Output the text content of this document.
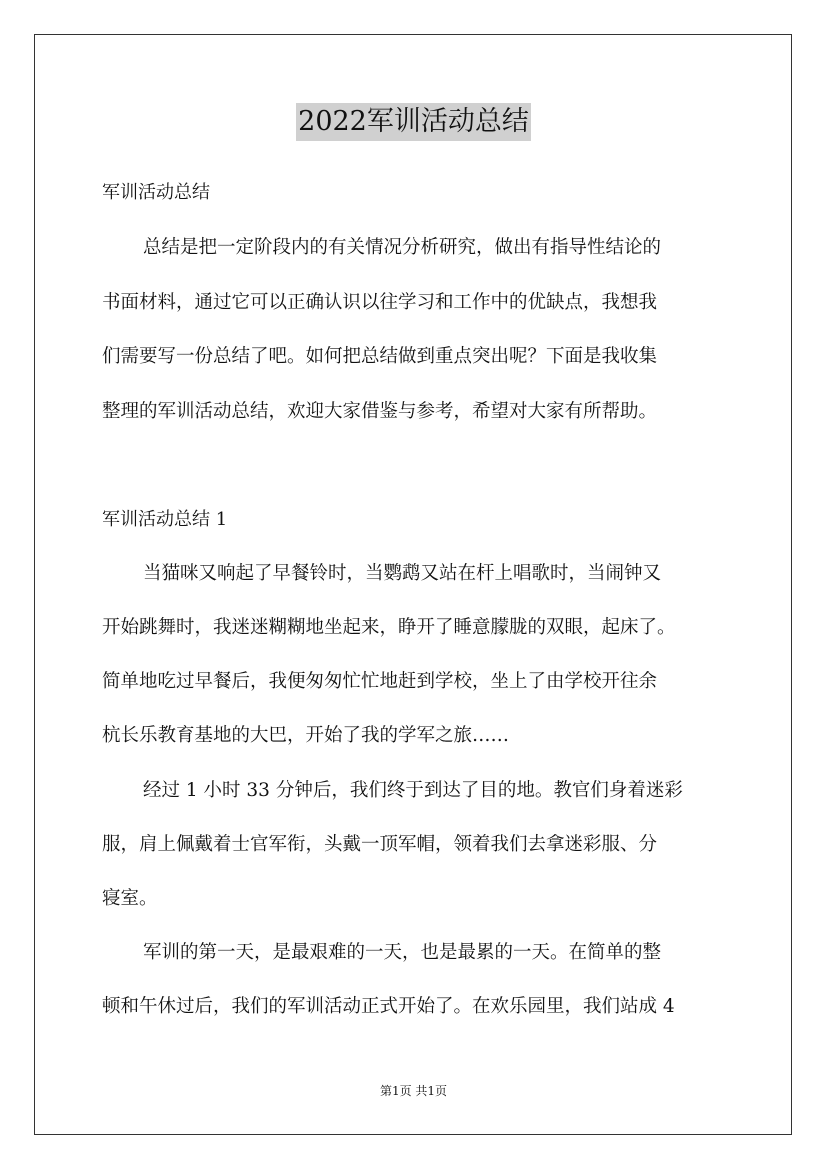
2022军训活动总结
军训活动总结
总结是把一定阶段内的有关情况分析研究，做出有指导性结论的
书面材料，通过它可以正确认识以往学习和工作中的优缺点，我想我
们需要写一份总结了吧。如何把总结做到重点突出呢？下面是我收集
整理的军训活动总结，欢迎大家借鉴与参考，希望对大家有所帮助。
军训活动总结 1
当猫咪又响起了早餐铃时，当鹦鹉又站在杆上唱歌时，当闹钟又
开始跳舞时，我迷迷糊糊地坐起来，睁开了睡意朦胧的双眼，起床了。
简单地吃过早餐后，我便匆匆忙忙地赶到学校，坐上了由学校开往余
杭长乐教育基地的大巴，开始了我的学军之旅……
经过 1 小时 33 分钟后，我们终于到达了目的地。教官们身着迷彩
服，肩上佩戴着士官军衔，头戴一顶军帽，领着我们去拿迷彩服、分
寝室。
军训的第一天，是最艰难的一天，也是最累的一天。在简单的整
顿和午休过后，我们的军训活动正式开始了。在欢乐园里，我们站成 4
第1页 共1页
